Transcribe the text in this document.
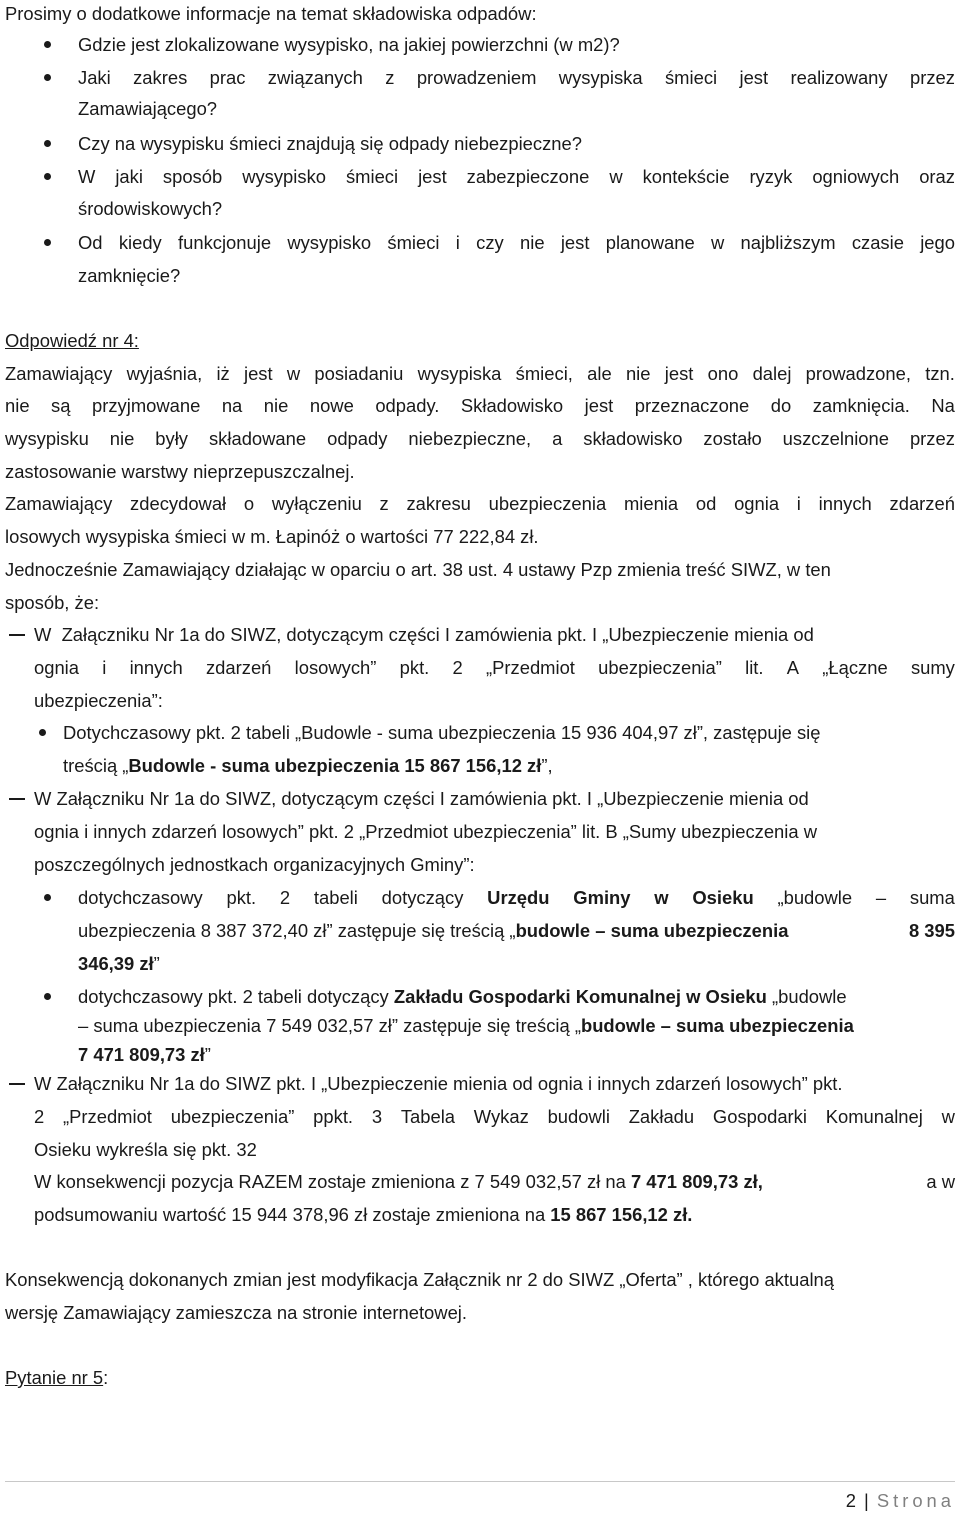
Prosimy o dodatkowe informacje na temat składowiska odpadów:
Gdzie jest zlokalizowane wysypisko, na jakiej powierzchni (w m2)?
Jaki zakres prac związanych z prowadzeniem wysypiska śmieci jest realizowany przez
Zamawiającego?
Czy na wysypisku śmieci znajdują się odpady niebezpieczne?
W jaki sposób wysypisko śmieci jest zabezpieczone w kontekście ryzyk ogniowych oraz
środowiskowych?
Od kiedy funkcjonuje wysypisko śmieci i czy nie jest planowane w najbliższym czasie jego
zamknięcie?
Odpowiedź nr 4:
Zamawiający wyjaśnia, iż jest w posiadaniu wysypiska śmieci, ale nie jest ono dalej prowadzone, tzn.
nie są przyjmowane na nie nowe odpady. Składowisko jest przeznaczone do zamknięcia. Na
wysypisku nie były składowane odpady niebezpieczne, a składowisko zostało uszczelnione przez
zastosowanie warstwy nieprzepuszczalnej.
Zamawiający zdecydował o wyłączeniu z zakresu ubezpieczenia mienia od ognia i innych zdarzeń
losowych wysypiska śmieci w m. Łapinóż o wartości 77 222,84 zł.
Jednocześnie Zamawiający działając w oparciu o art. 38 ust. 4 ustawy Pzp zmienia treść SIWZ, w ten
sposób, że:
W  Załączniku Nr 1a do SIWZ, dotyczącym części I zamówienia pkt. I „Ubezpieczenie mienia od
ognia i innych zdarzeń losowych” pkt. 2 „Przedmiot ubezpieczenia” lit. A „Łączne sumy
ubezpieczenia”:
Dotychczasowy pkt. 2 tabeli „Budowle - suma ubezpieczenia 15 936 404,97 zł”, zastępuje się
treścią „Budowle - suma ubezpieczenia 15 867 156,12 zł”,
W Załączniku Nr 1a do SIWZ, dotyczącym części I zamówienia pkt. I „Ubezpieczenie mienia od
ognia i innych zdarzeń losowych” pkt. 2 „Przedmiot ubezpieczenia” lit. B „Sumy ubezpieczenia w
poszczególnych jednostkach organizacyjnych Gminy”:
dotychczasowy pkt. 2 tabeli dotyczący Urzędu Gminy w Osieku „budowle – suma
ubezpieczenia 8 387 372,40 zł” zastępuje się treścią „budowle – suma ubezpieczenia	8 395
346,39 zł”
dotychczasowy pkt. 2 tabeli dotyczący Zakładu Gospodarki Komunalnej w Osieku „budowle
– suma ubezpieczenia 7 549 032,57 zł” zastępuje się treścią „budowle – suma ubezpieczenia
7 471 809,73 zł”
W Załączniku Nr 1a do SIWZ pkt. I „Ubezpieczenie mienia od ognia i innych zdarzeń losowych” pkt.
2 „Przedmiot ubezpieczenia” ppkt. 3 Tabela Wykaz budowli Zakładu Gospodarki Komunalnej w
Osieku wykreśla się pkt. 32
W konsekwencji pozycja RAZEM zostaje zmieniona z 7 549 032,57 zł na 7 471 809,73 zł,	a w
podsumowaniu wartość 15 944 378,96 zł zostaje zmieniona na 15 867 156,12 zł.
Konsekwencją dokonanych zmian jest modyfikacja Załącznik nr 2 do SIWZ „Oferta” , którego aktualną
wersję Zamawiający zamieszcza na stronie internetowej.
Pytanie nr 5:
2 | Strona
